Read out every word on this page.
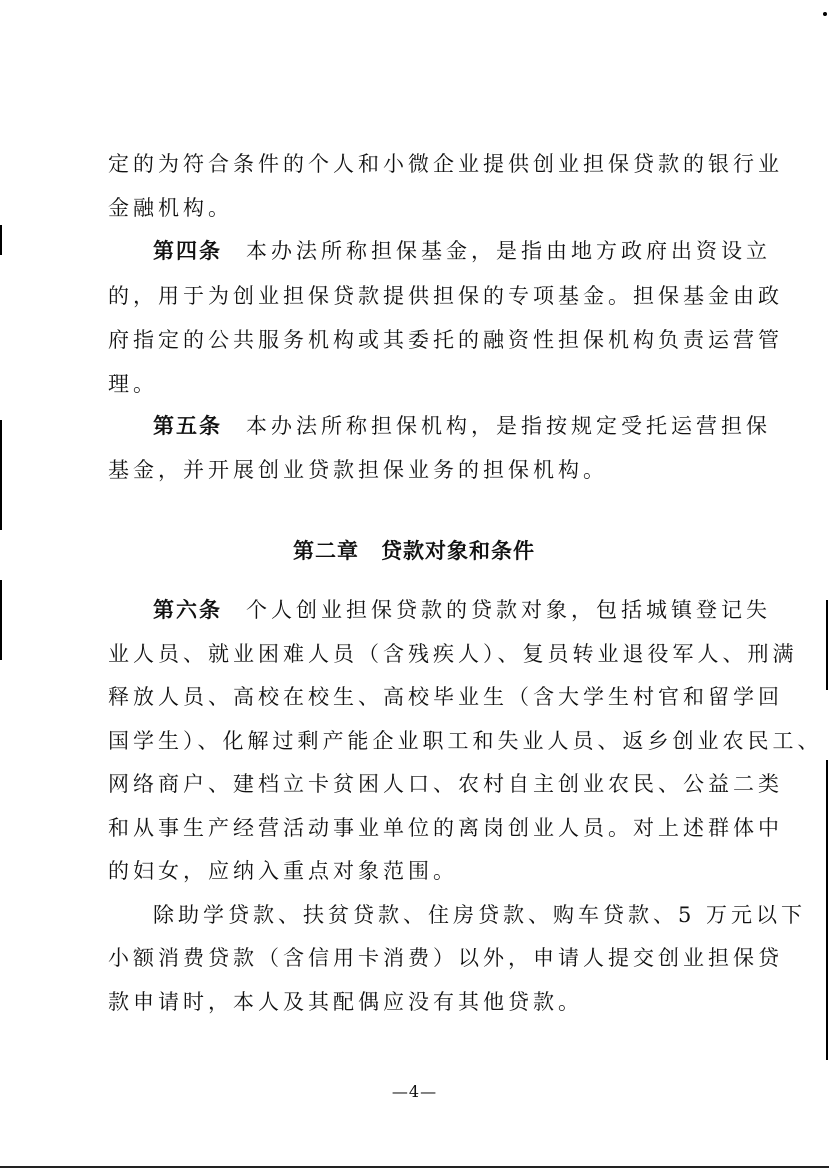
定的为符合条件的个人和小微企业提供创业担保贷款的银行业
金融机构。
第四条 本办法所称担保基金，是指由地方政府出资设立
的，用于为创业担保贷款提供担保的专项基金。担保基金由政
府指定的公共服务机构或其委托的融资性担保机构负责运营管
理。
第五条 本办法所称担保机构，是指按规定受托运营担保
基金，并开展创业贷款担保业务的担保机构。
第二章 贷款对象和条件
第六条 个人创业担保贷款的贷款对象，包括城镇登记失
业人员、就业困难人员（含残疾人）、复员转业退役军人、刑满
释放人员、高校在校生、高校毕业生（含大学生村官和留学回
国学生）、化解过剩产能企业职工和失业人员、返乡创业农民工、
网络商户、建档立卡贫困人口、农村自主创业农民、公益二类
和从事生产经营活动事业单位的离岗创业人员。对上述群体中
的妇女，应纳入重点对象范围。
除助学贷款、扶贫贷款、住房贷款、购车贷款、5 万元以下
小额消费贷款（含信用卡消费）以外，申请人提交创业担保贷
款申请时，本人及其配偶应没有其他贷款。
—4—
